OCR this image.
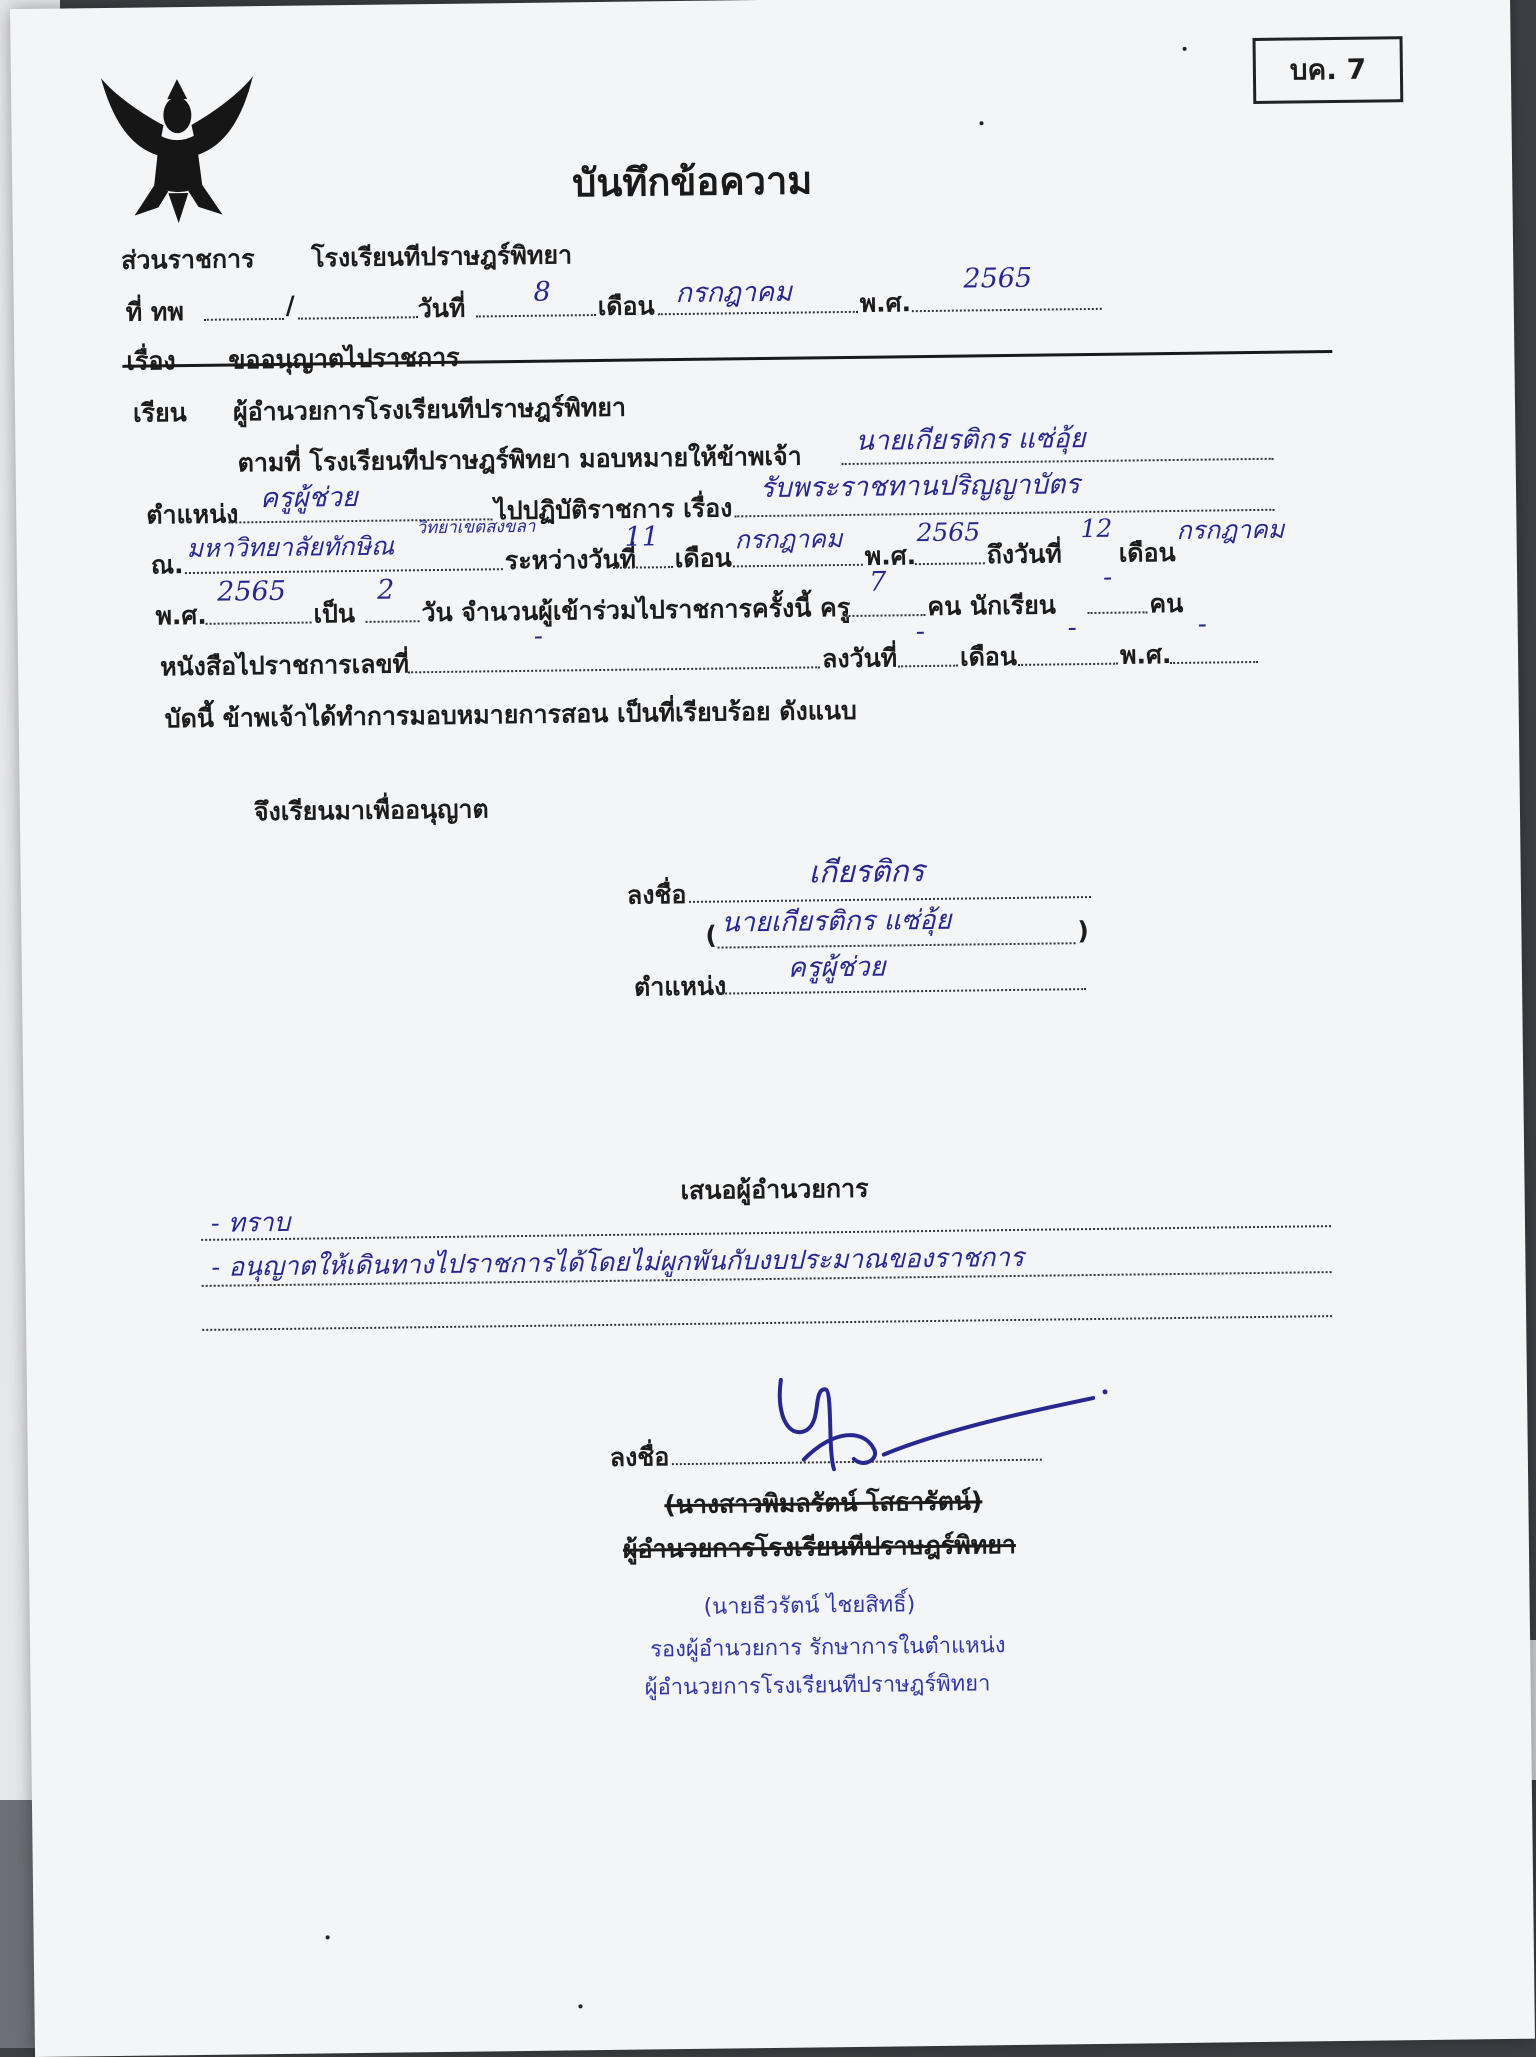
บค. 7
บันทึกข้อความ
ส่วนราชการ โรงเรียนทีปราษฎร์พิทยา
ที่ ทพ	/	วันที่
8 เดือน กรกฎาคม	พ.ศ.
2565
เรื่อง ขออนุญาตไปราชการ
เรียน ผู้อำนวยการโรงเรียนทีปราษฎร์พิทยา
ตามที่ โรงเรียนทีปราษฎร์พิทยา มอบหมายให้ข้าพเจ้า
นายเกียรติกร แซ่อุ้ย
ตำแหน่ง
ครูผู้ช่วย	ไปปฏิบัติราชการ เรื่อง
รับพระราชทานปริญญาบัตร
ณ.
มหาวิทยาลัยทักษิณ
วิทยาเขตสงขลา
ระหว่างวันที่
11
เดือน
กรกฎาคม
พ.ศ.
2565
ถึงวันที่
12
เดือน
กรกฎาคม
พ.ศ.
2565
เป็น
2
วัน จำนวนผู้เข้าร่วมไปราชการครั้งนี้ ครู
7
คน นักเรียน
-
คน
หนังสือไปราชการเลขที่
-
ลงวันที่
-
เดือน
-
พ.ศ.
-
บัดนี้ ข้าพเจ้าได้ทำการมอบหมายการสอน เป็นที่เรียบร้อย ดังแนบ
จึงเรียนมาเพื่ออนุญาต
ลงชื่อ
เกียรติกร
( นายเกียรติกร แซ่อุ้ย	)
ตำแหน่ง
ครูผู้ช่วย
เสนอผู้อำนวยการ
- ทราบ
- อนุญาตให้เดินทางไปราชการได้โดยไม่ผูกพันกับงบประมาณของราชการ
ลงชื่อ
(นางสาวพิมลรัตน์ โสธารัตน์)
ผู้อำนวยการโรงเรียนทีปราษฎร์พิทยา
(นายธีวรัตน์ ไชยสิทธิ์)
รองผู้อำนวยการ รักษาการในตำแหน่ง
ผู้อำนวยการโรงเรียนทีปราษฎร์พิทยา
